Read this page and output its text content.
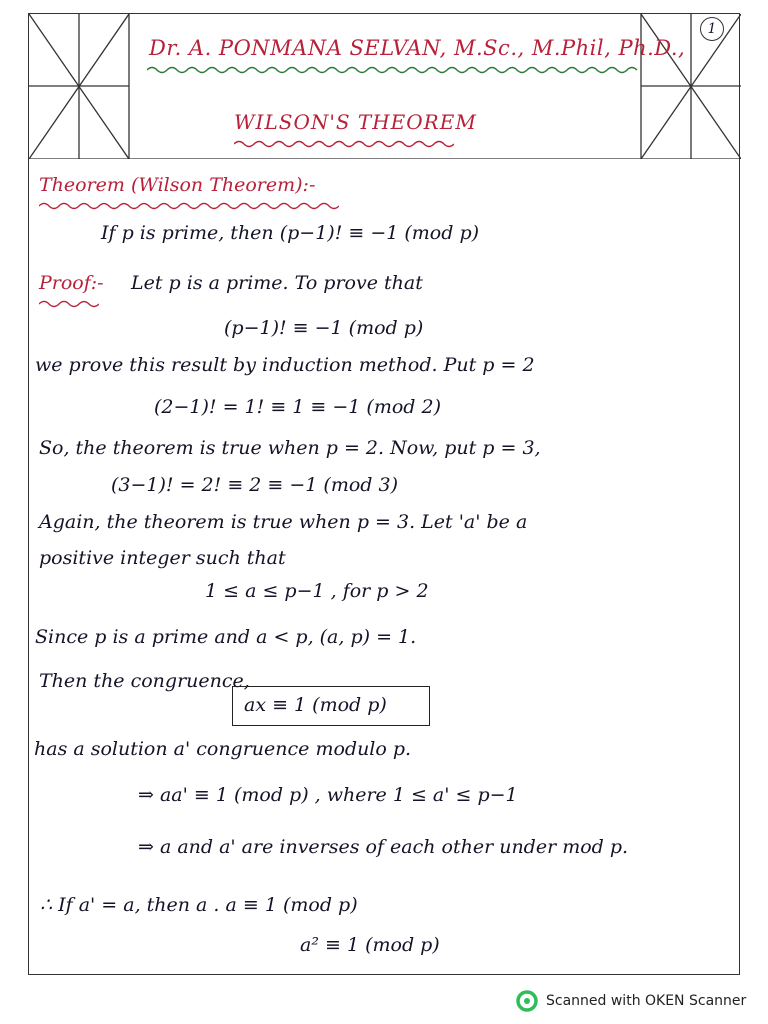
1
Dr. A. PONMANA SELVAN, M.Sc., M.Phil, Ph.D.,
WILSON'S THEOREM
Theorem (Wilson Theorem):-
If p is prime, then (p−1)! ≡ −1 (mod p)
Proof:- Let p is a prime. To prove that
(p−1)! ≡ −1 (mod p)
we prove this result by induction method. Put p = 2
(2−1)! = 1! ≡ 1 ≡ −1 (mod 2)
So, the theorem is true when p = 2. Now, put p = 3,
(3−1)! = 2! ≡ 2 ≡ −1 (mod 3)
Again, the theorem is true when p = 3. Let 'a' be a
positive integer such that
1 ≤ a ≤ p−1 , for p > 2
Since p is a prime and a < p, (a, p) = 1.
Then the congruence,
ax ≡ 1 (mod p)
has a solution a' congruence modulo p.
⇒ aa' ≡ 1 (mod p) , where 1 ≤ a' ≤ p−1
⇒ a and a' are inverses of each other under mod p.
∴ If a' = a, then a . a ≡ 1 (mod p)
a² ≡ 1 (mod p)
Scanned with OKEN Scanner
